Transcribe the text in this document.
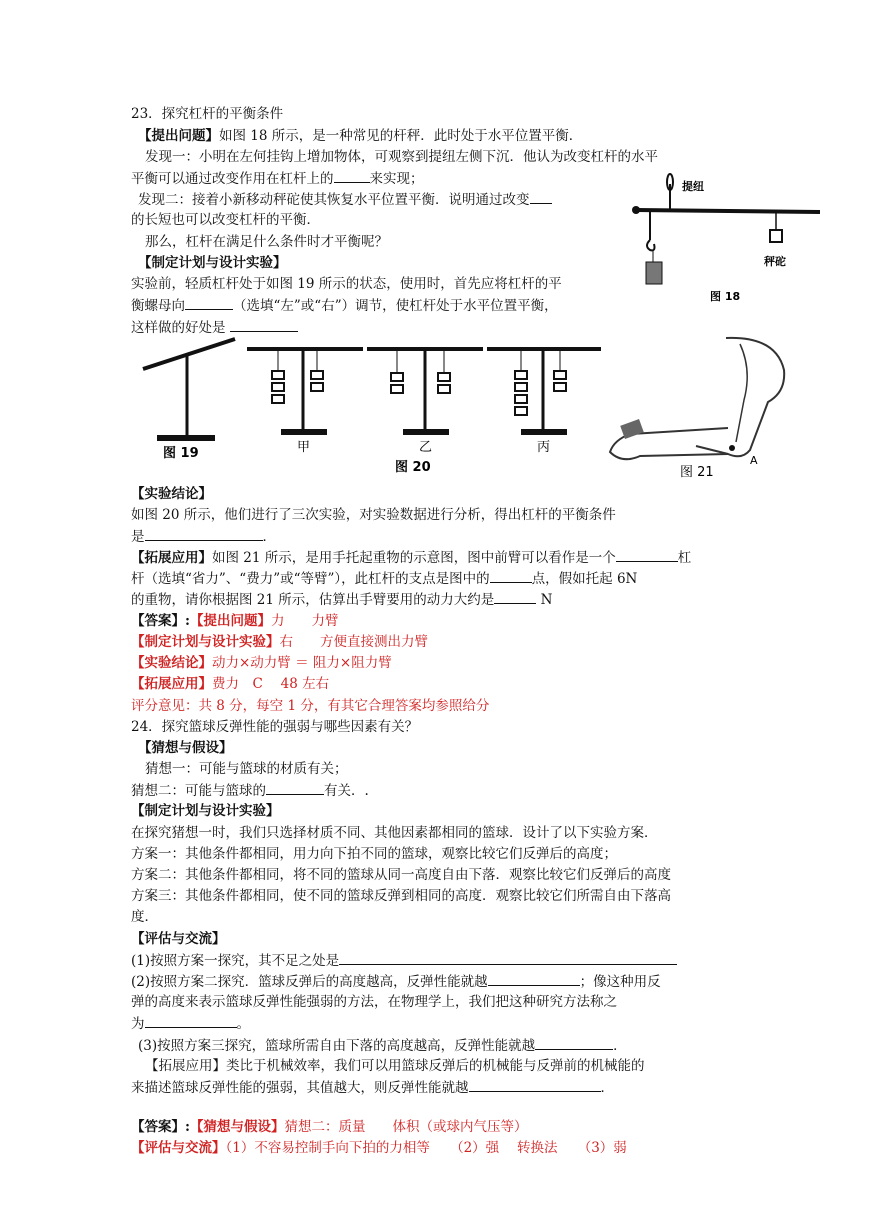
23．探究杠杆的平衡条件
【提出问题】如图 18 所示，是一种常见的杆秤．此时处于水平位置平衡．
发现一：小明在左何挂钩上增加物体，可观察到提纽左侧下沉．他认为改变杠杆的水平
平衡可以通过改变作用在杠杆上的	来实现；
发现二：接着小新移动秤砣使其恢复水平位置平衡．说明通过改变
的长短也可以改变杠杆的平衡．
那么，杠杆在满足什么条件时才平衡呢？
【制定计划与设计实验】
实验前，轻质杠杆处于如图 19 所示的状态，使用时，首先应将杠杆的平
衡螺母向	（选填“左”或“右”）调节，使杠杆处于水平位置平衡，
这样做的好处是
提纽
秤砣
图 18
图 19	甲	乙	丙
图 20	A
图 21
【实验结论】
如图 20 所示，他们进行了三次实验，对实验数据进行分析，得出杠杆的平衡条件
是	．
【拓展应用】如图 21 所示，是用手托起重物的示意图，图中前臂可以看作是一个	杠
杆（选填“省力”、“费力”或“等臂”），此杠杆的支点是图中的	点，假如托起 6N
的重物，请你根据图 21 所示，估算出手臂要用的动力大约是	N
【答案】:【提出问题】力　　力臂
【制定计划与设计实验】右　　方便直接测出力臂
【实验结论】动力×动力臂 ＝ 阻力×阻力臂
【拓展应用】费力　C　 48 左右
评分意见：共 8 分，每空 1 分，有其它合理答案均参照给分
24．探究篮球反弹性能的强弱与哪些因素有关？
【猜想与假设】
猜想一：可能与篮球的材质有关；
猜想二：可能与篮球的	有关．.
【制定计划与设计实验】
在探究猪想一时，我们只选择材质不同、其他因素都相同的篮球．设计了以下实验方案．
方案一：其他条件都相同，用力向下拍不同的篮球，观察比较它们反弹后的高度；
方案二：其他条件都相同，将不同的篮球从同一高度自由下落．观察比较它们反弹后的高度
方案三：其他条件都相同，使不同的篮球反弹到相同的高度．观察比较它们所需自由下落高
度．
【评估与交流】
(1)按照方案一探究，其不足之处是
(2)按照方案二探究．篮球反弹后的高度越高，反弹性能就越	；像这种用反
弹的高度来表示篮球反弹性能强弱的方法，在物理学上，我们把这种研究方法称之
为	。
(3)按照方案三探究，篮球所需自由下落的高度越高，反弹性能就越	．
【拓展应用】类比于机械效率，我们可以用篮球反弹后的机械能与反弹前的机械能的
来描述篮球反弹性能的强弱，其值越大，则反弹性能就越	．
【答案】:【猜想与假设】猜想二：质量　　体积（或球内气压等）
【评估与交流】（1）不容易控制手向下拍的力相等　　（2）强　 转换法　　（3）弱
